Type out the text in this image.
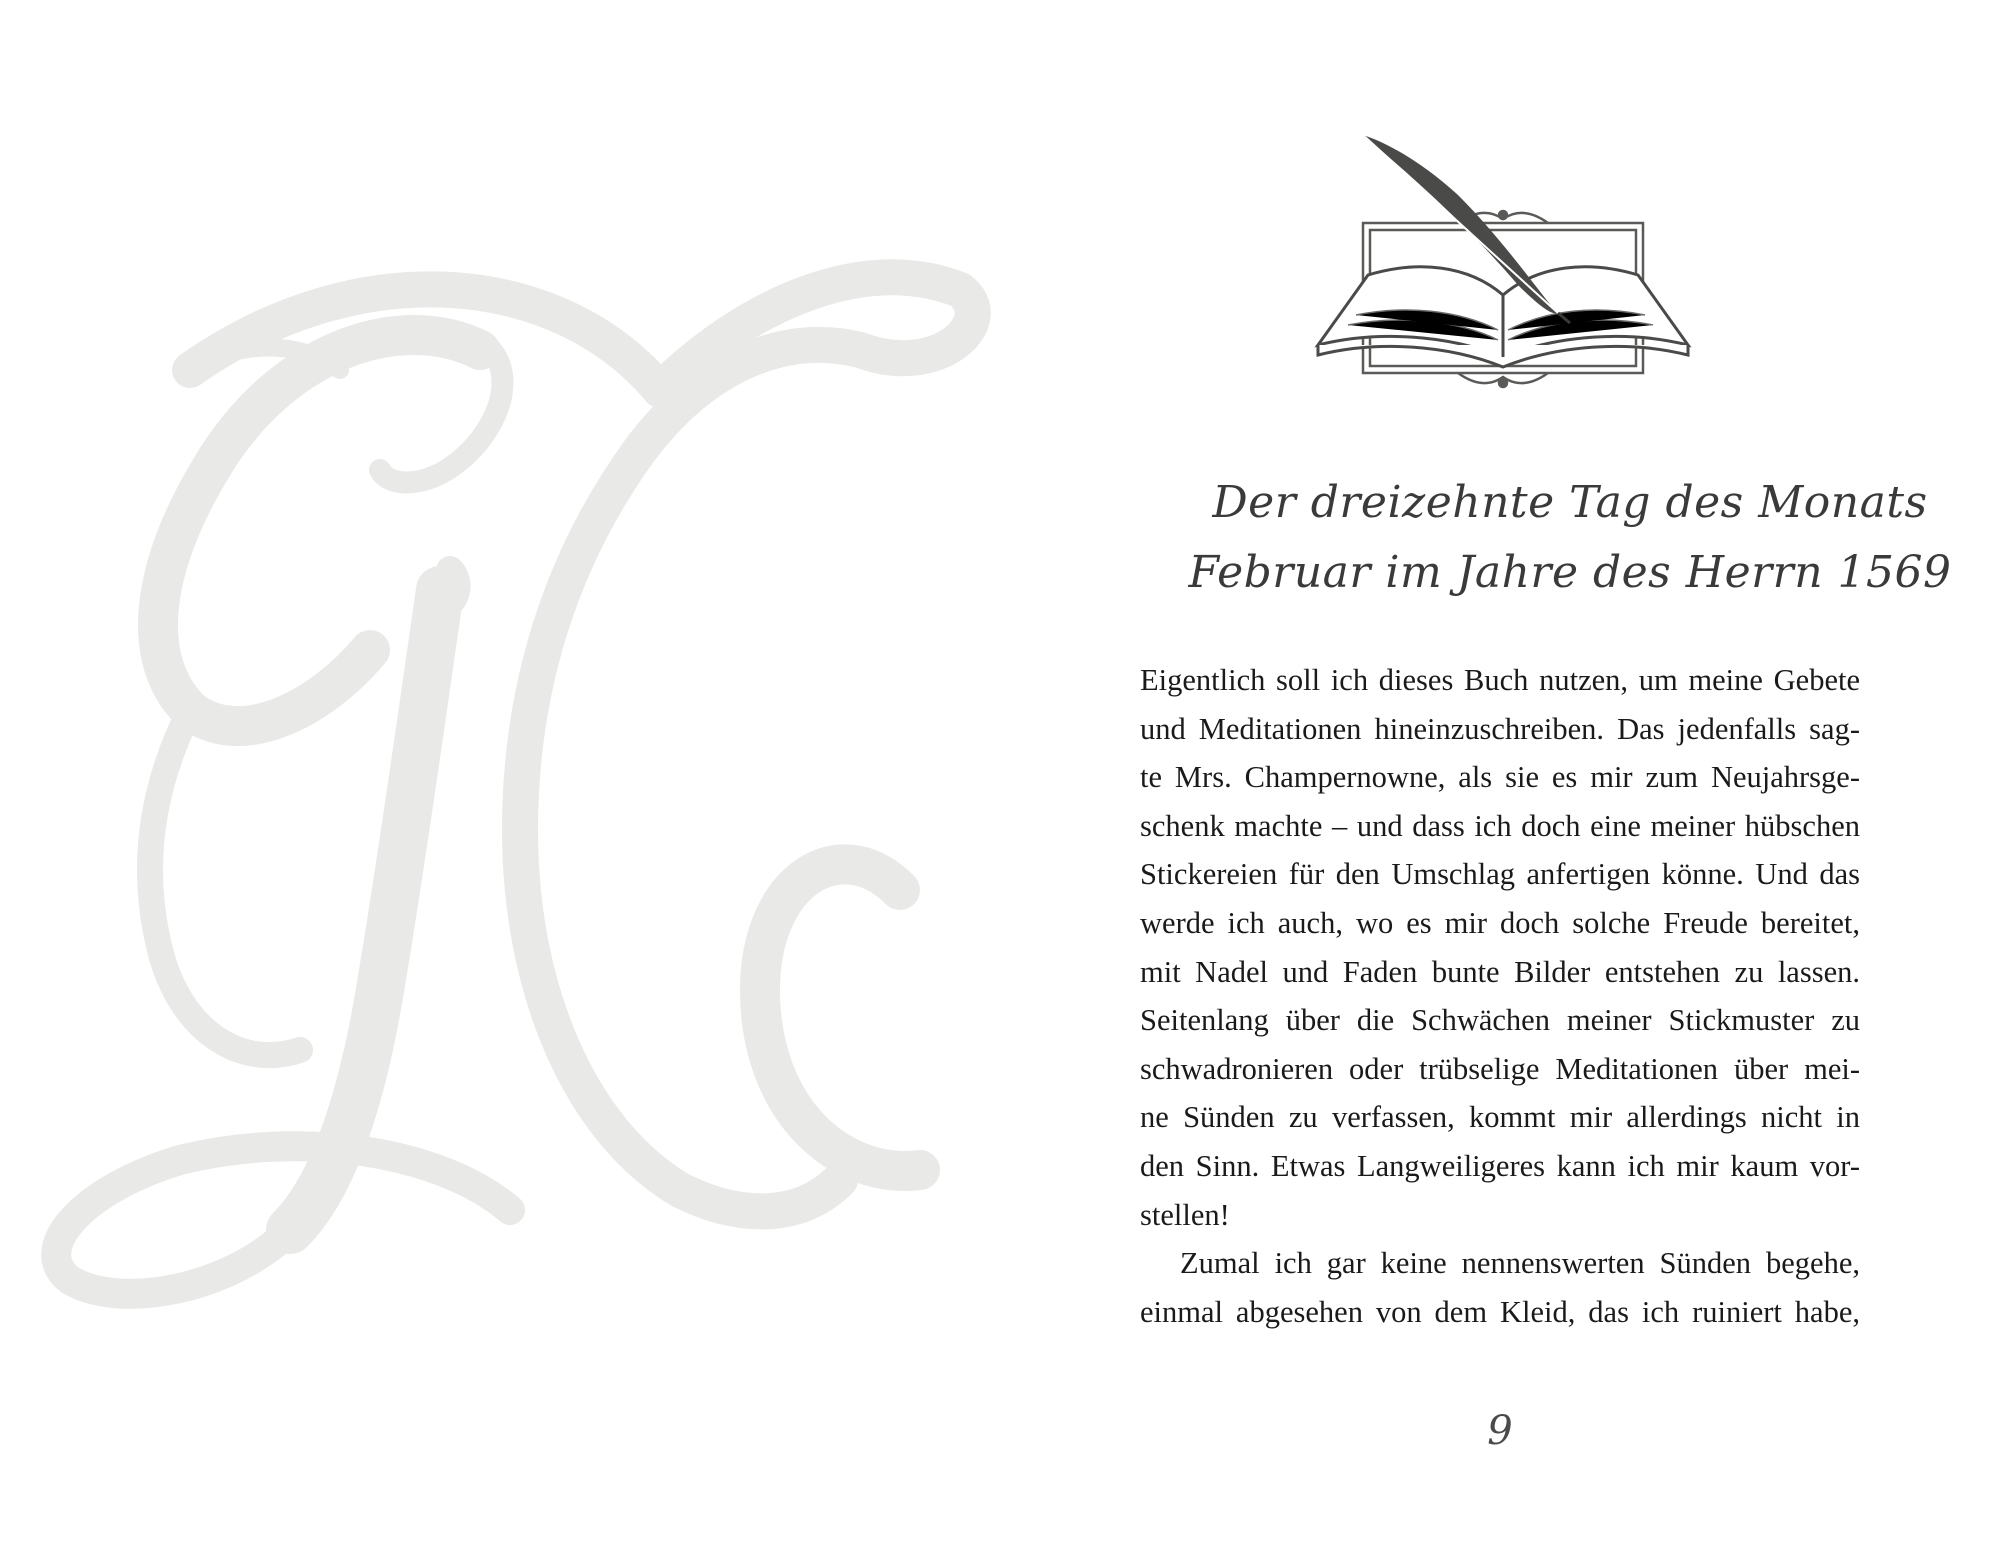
Der dreizehnte Tag des Monats
Februar im Jahre des Herrn 1569
Eigentlich soll ich dieses Buch nutzen, um meine Gebete
und Meditationen hineinzuschreiben. Das jedenfalls sag-
te Mrs. Champernowne, als sie es mir zum Neujahrsge-
schenk machte – und dass ich doch eine meiner hübschen
Stickereien für den Umschlag anfertigen könne. Und das
werde ich auch, wo es mir doch solche Freude bereitet,
mit Nadel und Faden bunte Bilder entstehen zu lassen.
Seitenlang über die Schwächen meiner Stickmuster zu
schwadronieren oder trübselige Meditationen über mei-
ne Sünden zu verfassen, kommt mir allerdings nicht in
den Sinn. Etwas Langweiligeres kann ich mir kaum vor-
stellen!
Zumal ich gar keine nennenswerten Sünden begehe,
einmal abgesehen von dem Kleid, das ich ruiniert habe,
9
